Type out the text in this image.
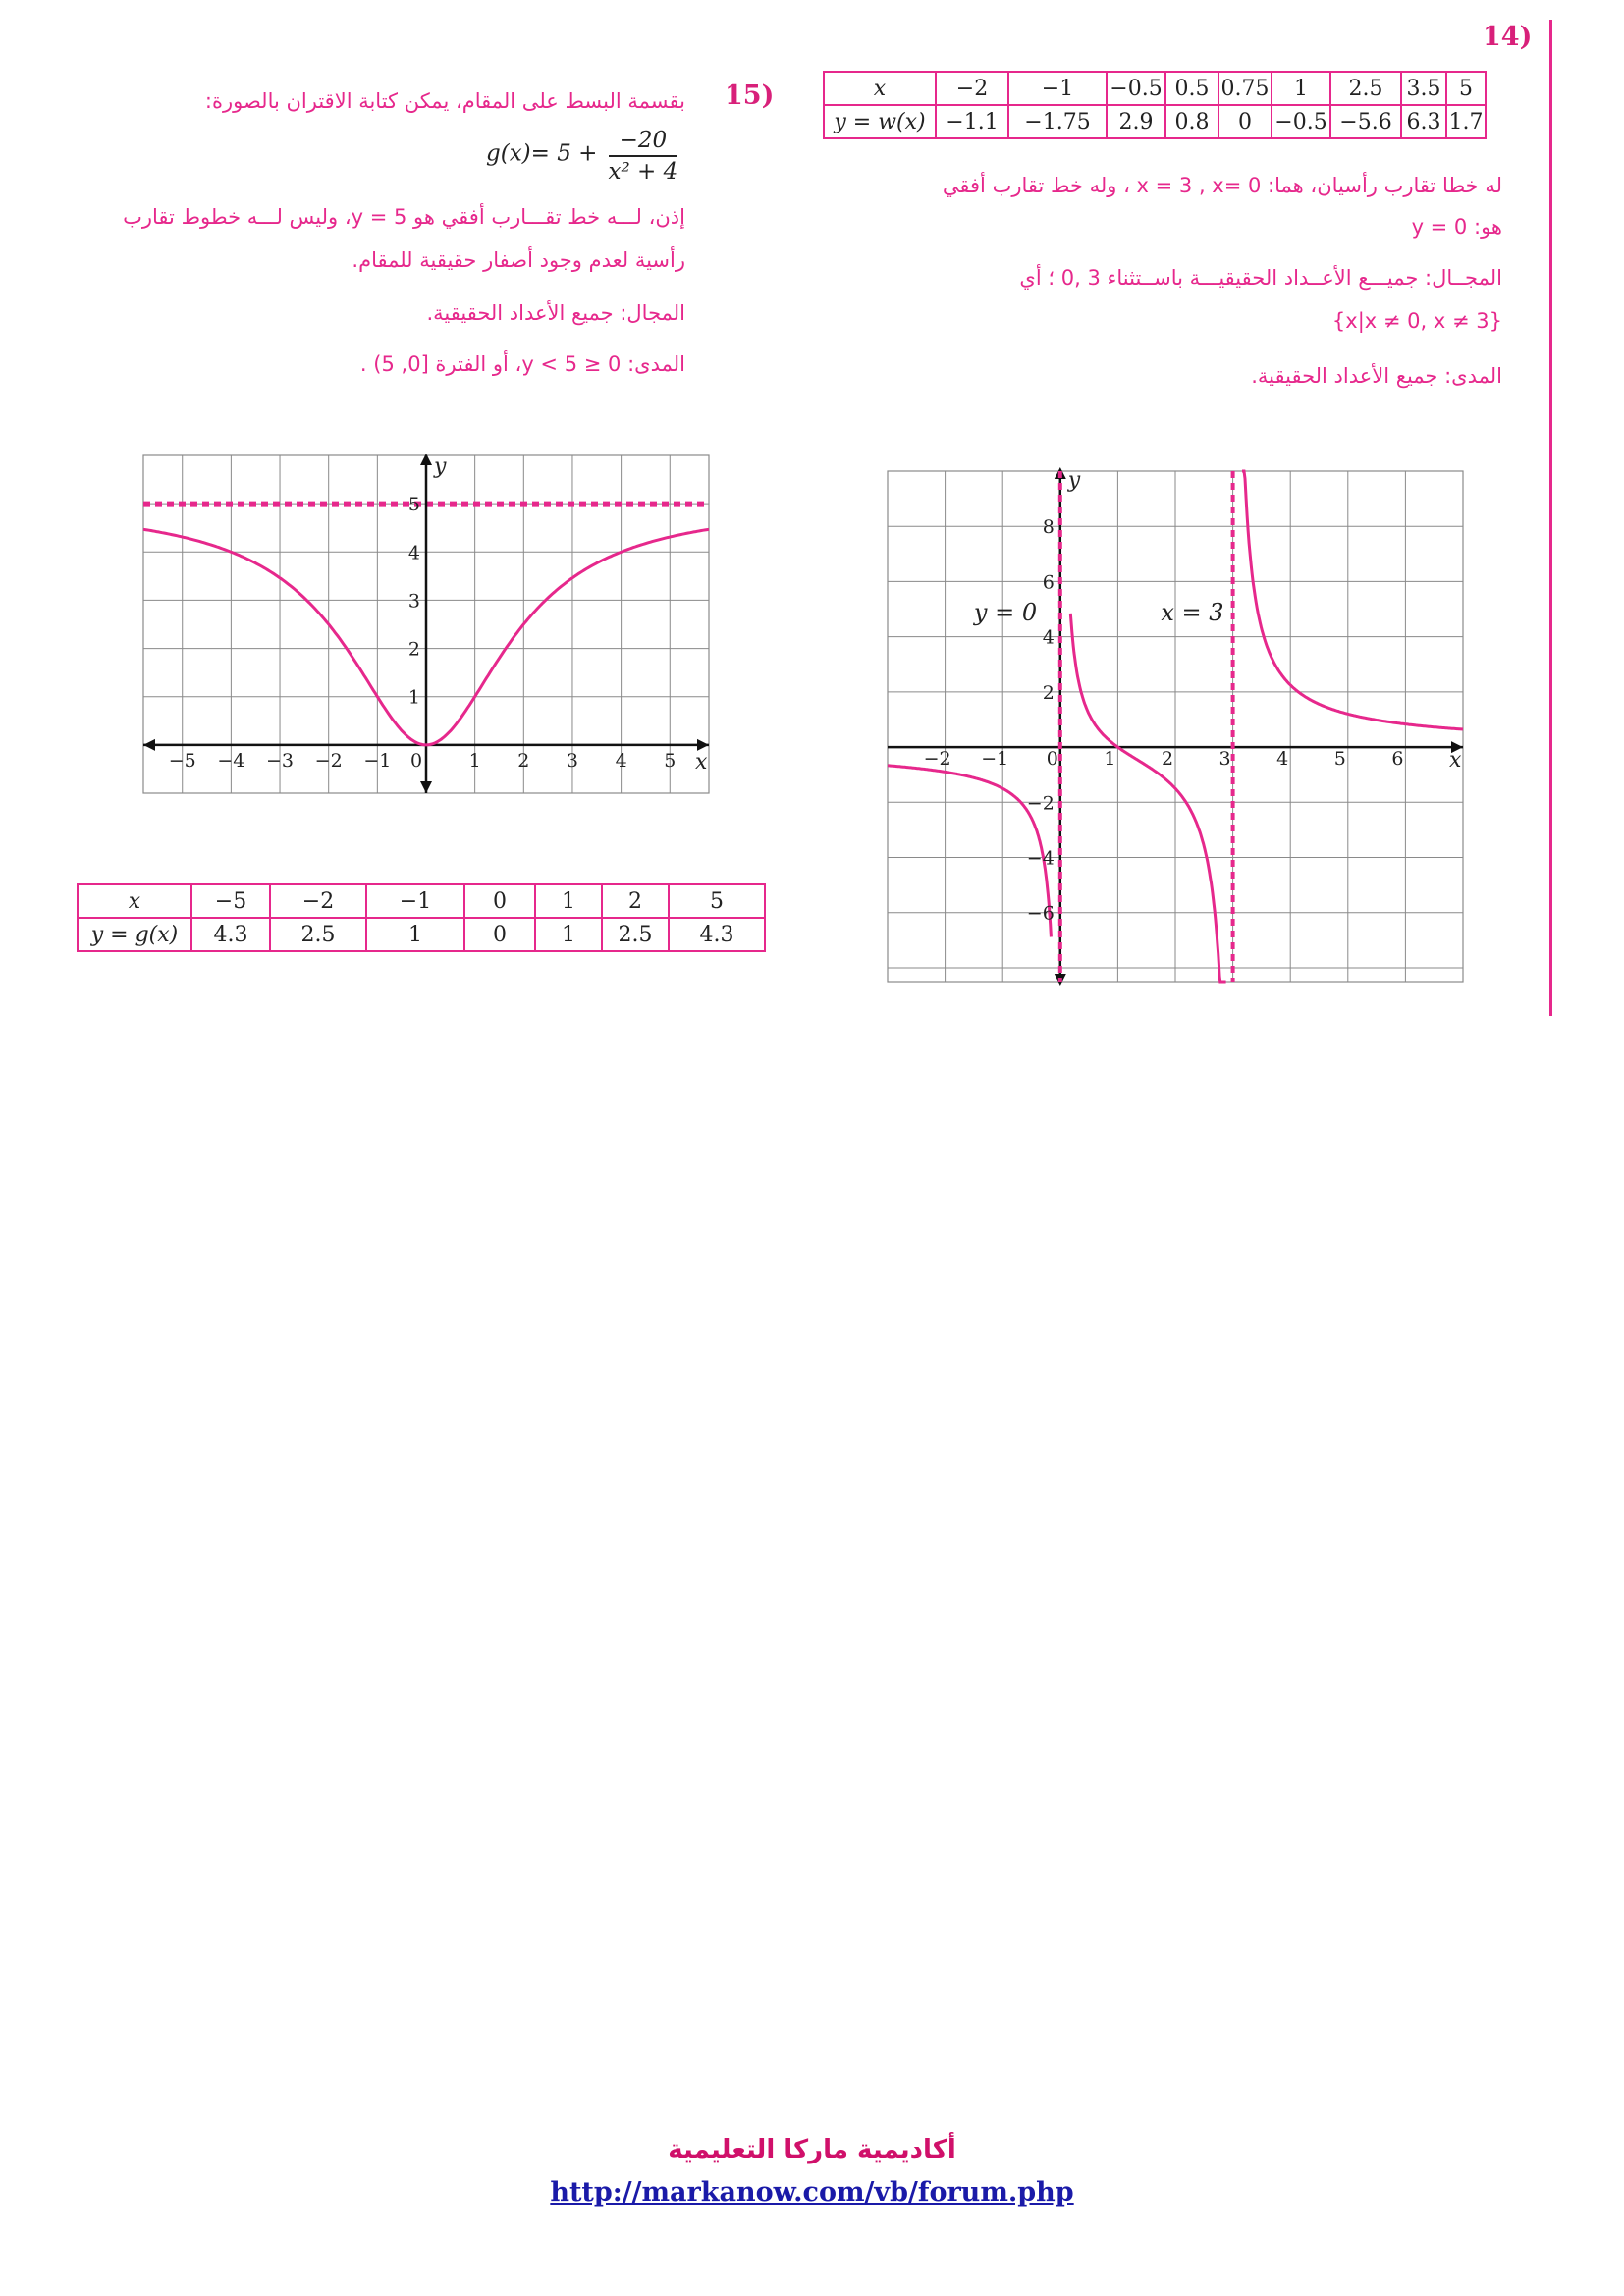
14)
x	−2	−1	−0.5	0.5	0.75	1	2.5	3.5	5
y = w(x)	−1.1	−1.75	2.9	0.8	0	−0.5	−5.6	6.3	1.7
له خطا تقارب رأسيان، هما: x = 3 , x= 0 ، وله خط تقارب أفقي
هو: y = 0
المجــال: جميـــع الأعــداد الحقيقيـــة باســتثناء 3 ,0 ؛ أي
{x|x ≠ 0, x ≠ 3}
المدى: جميع الأعداد الحقيقية.
−2 −1 0 1 2 3 4 5 6
8
6
4
2
−2
−4
−6
y
x
y = 0	x = 3
15)
بقسمة البسط على المقام، يمكن كتابة الاقتران بالصورة:
$g(x)= 5 + \frac{-20}{\text{x² + 4}}$
إذن، لـــه خط تقـــارب أفقي هو y = 5، وليس لـــه خطوط تقارب
رأسية لعدم وجود أصفار حقيقية للمقام.
المجال: جميع الأعداد الحقيقية.
المدى: 0 ≤ y < 5، أو الفترة [0, 5) .
−5 −4 −3 −2 −1 0	1 2 3 4 5
5
4
3
2
1
y
x
x	−5	−2	−1	0	1	2	5
y = g(x)	4.3	2.5	1	0	1	2.5	4.3
أكاديمية ماركا التعليمية
http://markanow.com/vb/forum.php
